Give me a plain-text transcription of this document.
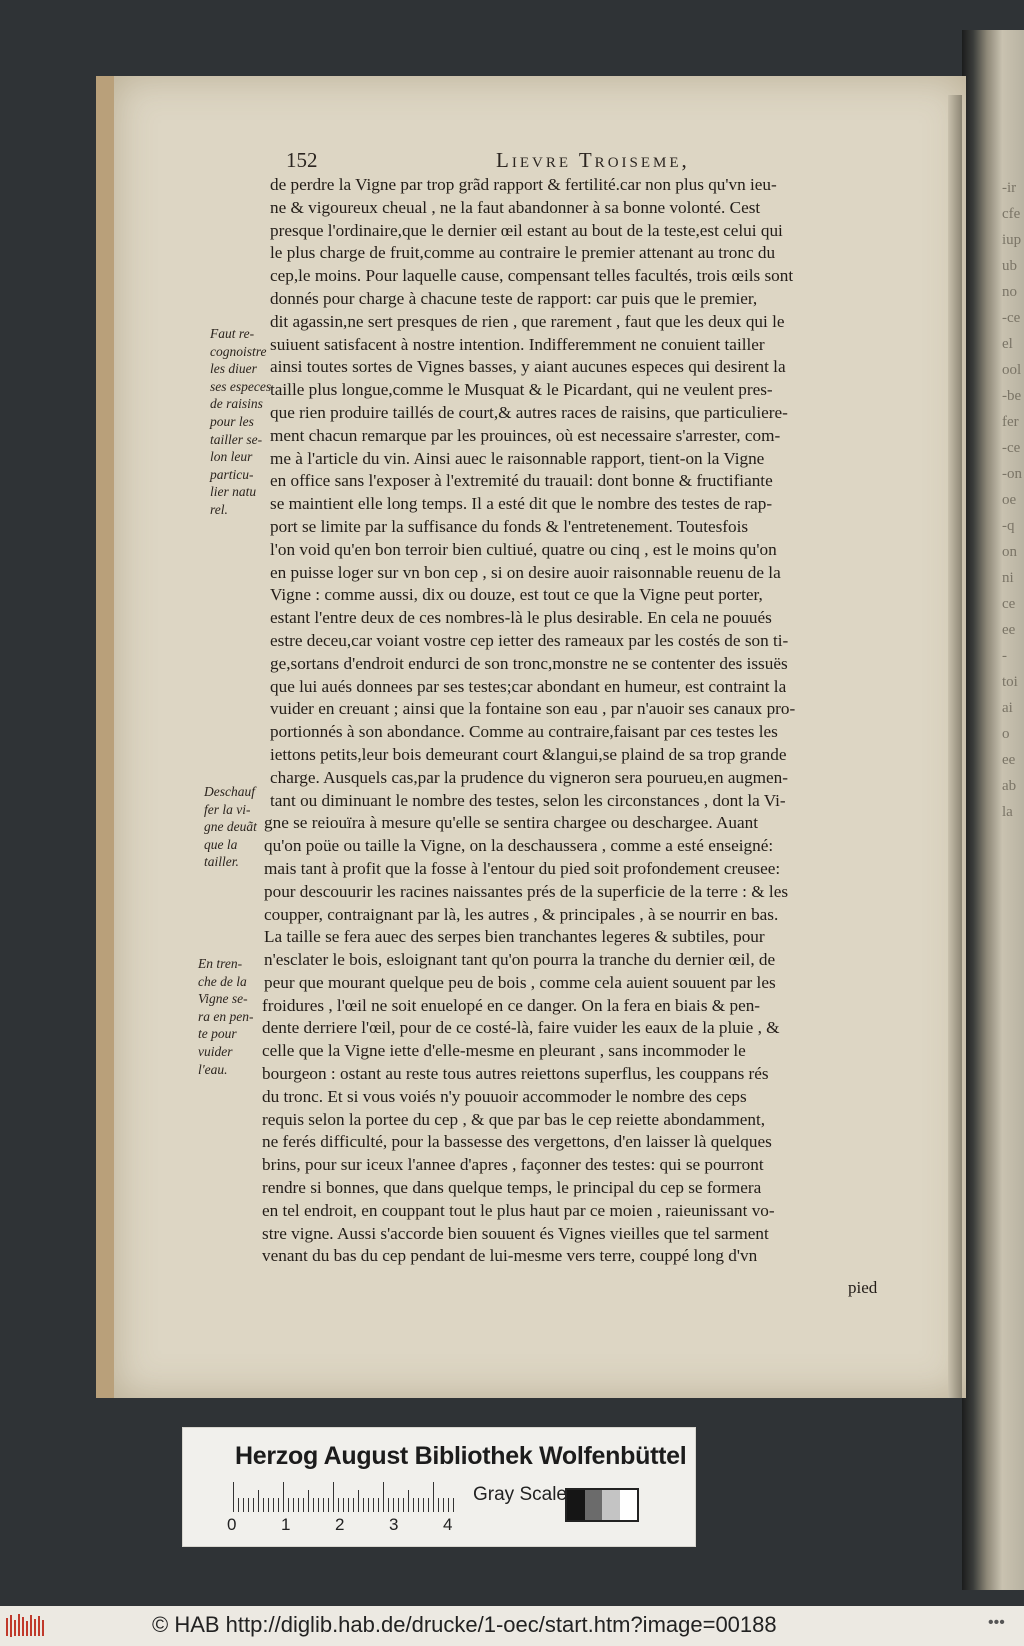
-ir
cfe
iup
ub
no
-ce
el
ool
-be
fer
-ce
-on
oe
-q
on
ni
ce
ee
-
toi
ai
o
ee
ab
la
152	Lievre Troiseme,
de perdre la Vigne par trop grãd rapport & fertilité.car non plus qu'vn ieu-
ne & vigoureux cheual , ne la faut abandonner à sa bonne volonté. Cest
presque l'ordinaire,que le dernier œil estant au bout de la teste,est celui qui
le plus charge de fruit,comme au contraire le premier attenant au tronc du
cep,le moins. Pour laquelle cause, compensant telles facultés, trois œils sont
donnés pour charge à chacune teste de rapport: car puis que le premier,
dit agassin,ne sert presques de rien , que rarement , faut que les deux qui le
suiuent satisfacent à nostre intention. Indifferemment ne conuient tailler
ainsi toutes sortes de Vignes basses, y aiant aucunes especes qui desirent la
taille plus longue,comme le Musquat & le Picardant, qui ne veulent pres-
que rien produire taillés de court,& autres races de raisins, que particuliere-
ment chacun remarque par les prouinces, où est necessaire s'arrester, com-
me à l'article du vin. Ainsi auec le raisonnable rapport, tient-on la Vigne
en office sans l'exposer à l'extremité du trauail: dont bonne & fructifiante
se maintient elle long temps. Il a esté dit que le nombre des testes de rap-
port se limite par la suffisance du fonds & l'entretenement. Toutesfois
l'on void qu'en bon terroir bien cultiué, quatre ou cinq , est le moins qu'on
en puisse loger sur vn bon cep , si on desire auoir raisonnable reuenu de la
Vigne : comme aussi, dix ou douze, est tout ce que la Vigne peut porter,
estant l'entre deux de ces nombres-là le plus desirable. En cela ne pouués
estre deceu,car voiant vostre cep ietter des rameaux par les costés de son ti-
ge,sortans d'endroit endurci de son tronc,monstre ne se contenter des issuës
que lui aués donnees par ses testes;car abondant en humeur, est contraint la
vuider en creuant ; ainsi que la fontaine son eau , par n'auoir ses canaux pro-
portionnés à son abondance. Comme au contraire,faisant par ces testes les
iettons petits,leur bois demeurant court &langui,se plaind de sa trop grande
charge. Ausquels cas,par la prudence du vigneron sera pourueu,en augmen-
tant ou diminuant le nombre des testes, selon les circonstances , dont la Vi-
gne se reiouïra à mesure qu'elle se sentira chargee ou deschargee. Auant
qu'on poüe ou taille la Vigne, on la deschaussera , comme a esté enseigné:
mais tant à profit que la fosse à l'entour du pied soit profondement creusee:
pour descouurir les racines naissantes prés de la superficie de la terre : & les
coupper, contraignant par là, les autres , & principales , à se nourrir en bas.
La taille se fera auec des serpes bien tranchantes legeres & subtiles, pour
n'esclater le bois, esloignant tant qu'on pourra la tranche du dernier œil, de
peur que mourant quelque peu de bois , comme cela auient souuent par les
froidures , l'œil ne soit enuelopé en ce danger. On la fera en biais & pen-
dente derriere l'œil, pour de ce costé-là, faire vuider les eaux de la pluie , &
celle que la Vigne iette d'elle-mesme en pleurant , sans incommoder le
bourgeon : ostant au reste tous autres reiettons superflus, les couppans rés
du tronc. Et si vous voiés n'y pouuoir accommoder le nombre des ceps
requis selon la portee du cep , & que par bas le cep reiette abondamment,
ne ferés difficulté, pour la bassesse des vergettons, d'en laisser là quelques
brins, pour sur iceux l'annee d'apres , façonner des testes: qui se pourront
rendre si bonnes, que dans quelque temps, le principal du cep se formera
en tel endroit, en couppant tout le plus haut par ce moien , raieunissant vo-
stre vigne. Aussi s'accorde bien souuent és Vignes vieilles que tel sarment
venant du bas du cep pendant de lui-mesme vers terre, couppé long d'vn
Faut re-
cognoistre
les diuer
ses especes
de raisins
pour les
tailler se-
lon leur
particu-
lier natu
rel.
Deschauf
fer la vi-
gne deuãt
que la
tailler.
En tren-
che de la
Vigne se-
ra en pen-
te pour
vuider
l'eau.
pied
Herzog August Bibliothek Wolfenbüttel
0	1	2	3	4
Gray Scale
© HAB http://diglib.hab.de/drucke/1-oec/start.htm?image=00188	•••
